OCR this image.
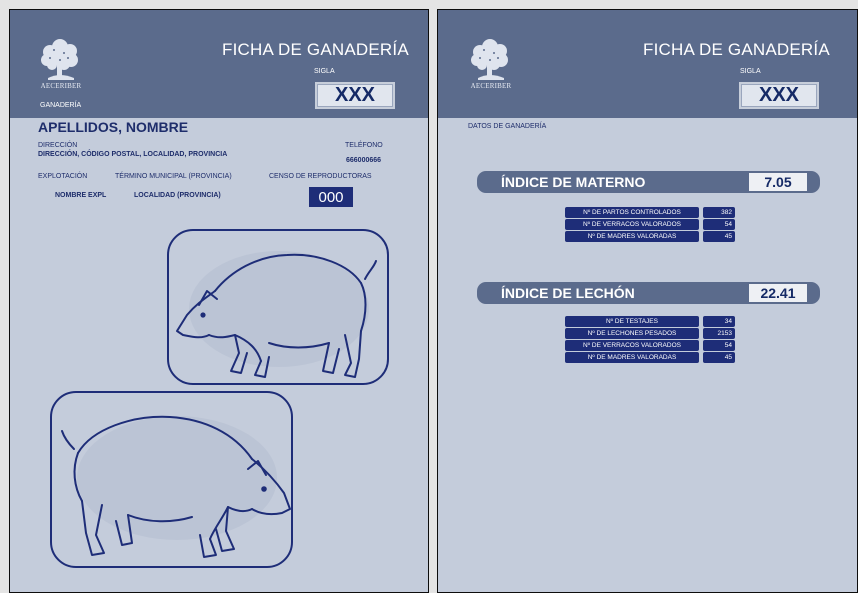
AECERIBER
FICHA DE GANADERÍA
SIGLA
XXX
GANADERÍA
APELLIDOS, NOMBRE
DIRECCIÓN
DIRECCIÓN, CÓDIGO POSTAL, LOCALIDAD, PROVINCIA
TELÉFONO
666000666
EXPLOTACIÓN	TÉRMINO MUNICIPAL (PROVINCIA)	CENSO DE REPRODUCTORAS
NOMBRE EXPL	LOCALIDAD (PROVINCIA)	000
AECERIBER
FICHA DE GANADERÍA
SIGLA
XXX
DATOS DE GANADERÍA
ÍNDICE DE MATERNO	7.05
Nº DE PARTOS CONTROLADOS	382
Nº DE VERRACOS VALORADOS	54
Nº DE MADRES VALORADAS	45
ÍNDICE DE LECHÓN	22.41
Nº DE TESTAJES	34
Nº DE LECHONES PESADOS	2153
Nº DE VERRACOS VALORADOS	54
Nº DE MADRES VALORADAS	45
